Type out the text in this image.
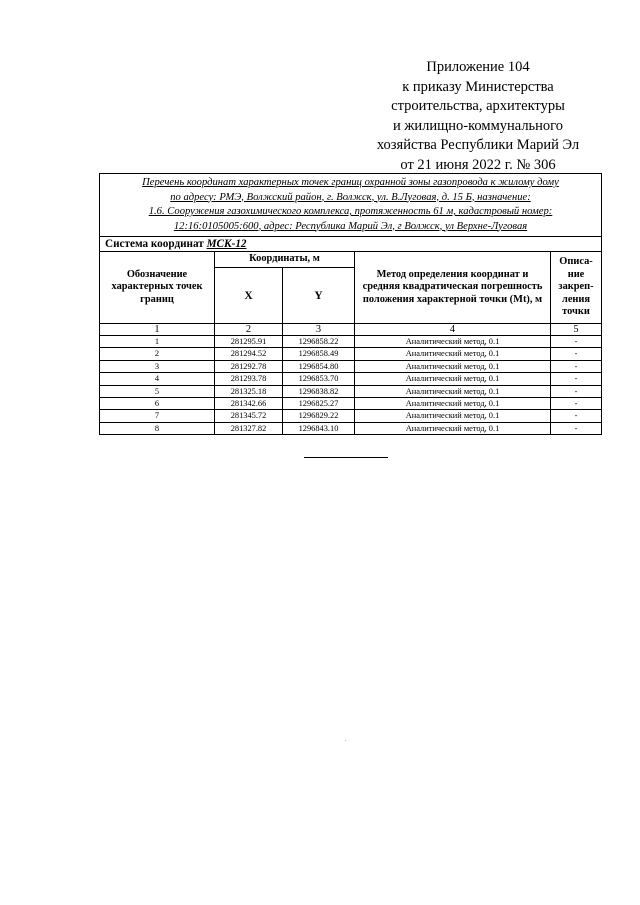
Приложение 104
к приказу Министерства
строительства, архитектуры
и жилищно-коммунального
хозяйства Республики Марий Эл
от 21 июня 2022 г. № 306
Перечень координат характерных точек границ охранной зоны газопровода к жилому дому
по адресу: РМЭ, Волжский район, г. Волжск, ул. В.Луговая, д. 15 Б, назначение:
1.6. Сооружения газохимического комплекса, протяженность 61 м, кадастровый номер:
12:16:0105005:600, адрес: Республика Марий Эл, г Волжск, ул Верхне-Луговая				

Система координат МСК-12				
Обозначение характерных точек границ	Координаты, м		Метод определения координат и средняя квадратическая погрешность положения характерной точки (Mt), м	Описа-ние закреп-ления точки
	X	Y		
1	2	3	4	5
1	281295.91	1296858.22	Аналитический метод, 0.1	-
2	281294.52	1296858.49	Аналитический метод, 0.1	-
3	281292.78	1296854.80	Аналитический метод, 0.1	-
4	281293.78	1296853.70	Аналитический метод, 0.1	-
5	281325.18	1296838.82	Аналитический метод, 0.1	-
6	281342.66	1296825.27	Аналитический метод, 0.1	-
7	281345.72	1296829.22	Аналитический метод, 0.1	-
8	281327.82	1296843.10	Аналитический метод, 0.1	-
